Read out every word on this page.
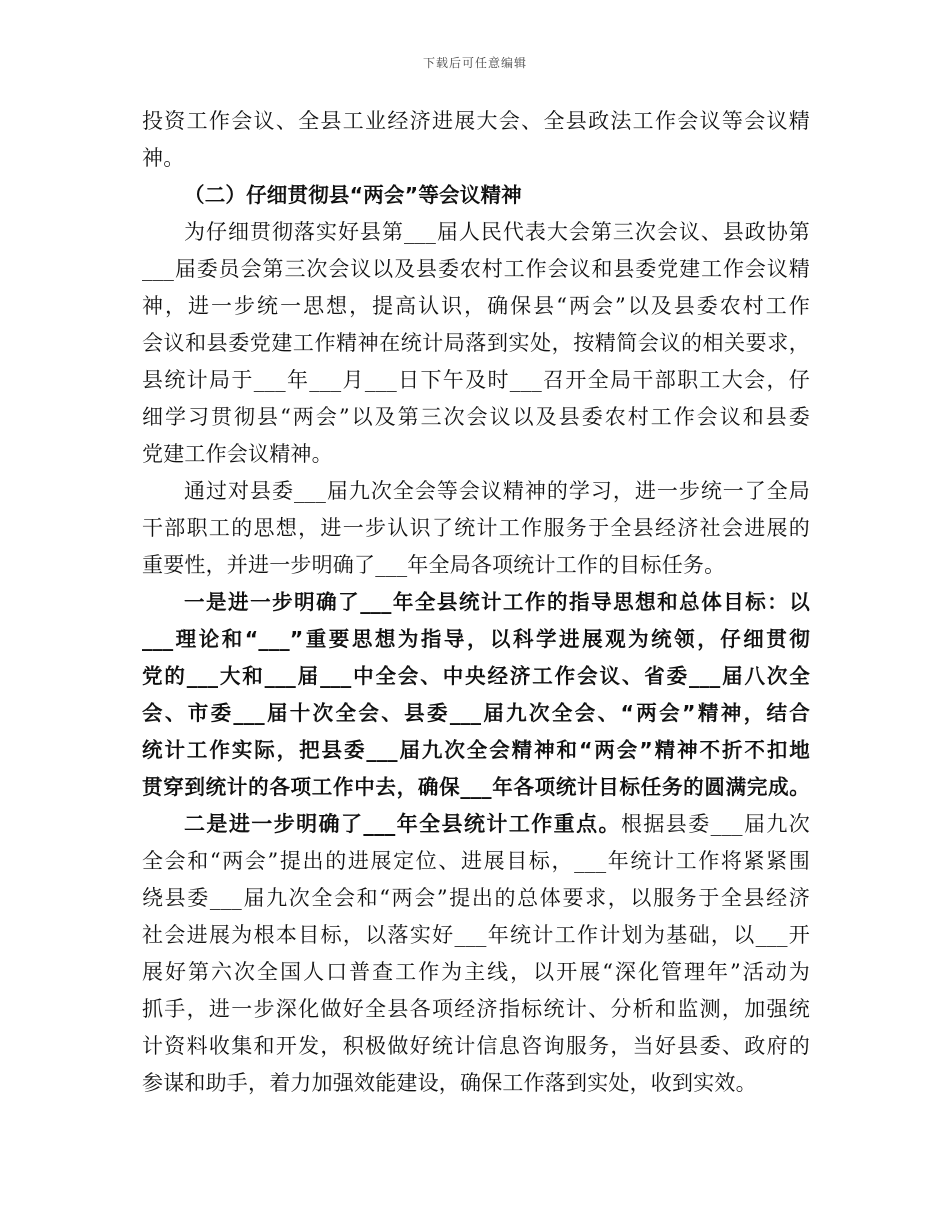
下载后可任意编辑
投资工作会议、全县工业经济进展大会、全县政法工作会议等会议精
神。
（二）仔细贯彻县“两会”等会议精神
为仔细贯彻落实好县第___届人民代表大会第三次会议、县政协第
___届委员会第三次会议以及县委农村工作会议和县委党建工作会议精
神，进一步统一思想，提高认识，确保县“两会”以及县委农村工作
会议和县委党建工作精神在统计局落到实处，按精简会议的相关要求，
县统计局于___年___月___日下午及时___召开全局干部职工大会，仔
细学习贯彻县“两会”以及第三次会议以及县委农村工作会议和县委
党建工作会议精神。
通过对县委___届九次全会等会议精神的学习，进一步统一了全局
干部职工的思想，进一步认识了统计工作服务于全县经济社会进展的
重要性，并进一步明确了___年全局各项统计工作的目标任务。
一是进一步明确了___年全县统计工作的指导思想和总体目标：以
___理论和“___”重要思想为指导，以科学进展观为统领，仔细贯彻
党的___大和___届___中全会、中央经济工作会议、省委___届八次全
会、市委___届十次全会、县委___届九次全会、“两会”精神，结合
统计工作实际，把县委___届九次全会精神和“两会”精神不折不扣地
贯穿到统计的各项工作中去，确保___年各项统计目标任务的圆满完成。
二是进一步明确了___年全县统计工作重点。根据县委___届九次
全会和“两会”提出的进展定位、进展目标，___年统计工作将紧紧围
绕县委___届九次全会和“两会”提出的总体要求，以服务于全县经济
社会进展为根本目标，以落实好___年统计工作计划为基础，以___开
展好第六次全国人口普查工作为主线，以开展“深化管理年”活动为
抓手，进一步深化做好全县各项经济指标统计、分析和监测，加强统
计资料收集和开发，积极做好统计信息咨询服务，当好县委、政府的
参谋和助手，着力加强效能建设，确保工作落到实处，收到实效。
